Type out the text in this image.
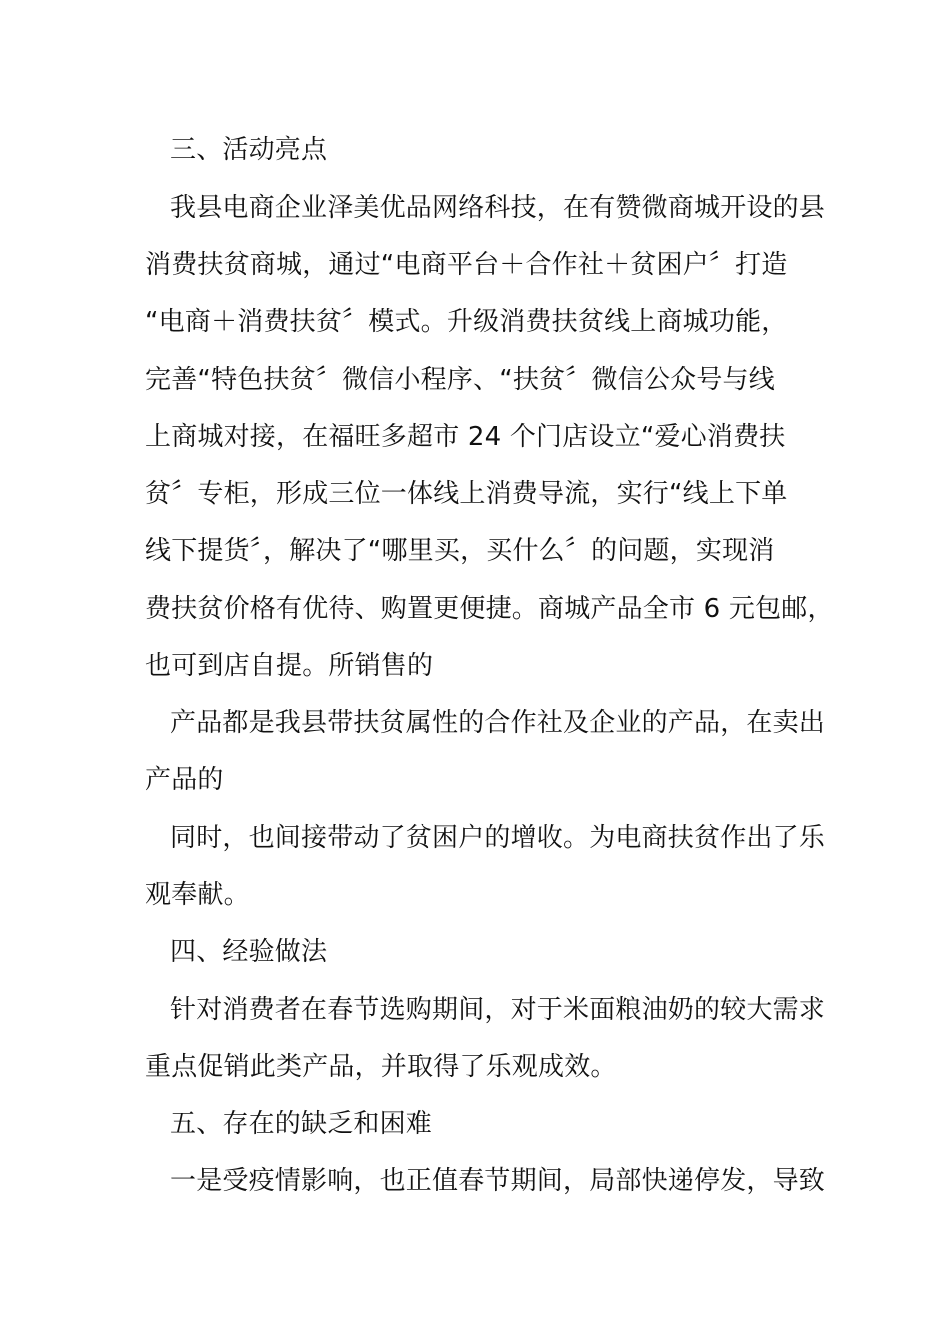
三、活动亮点
我县电商企业泽美优品网络科技，在有赞微商城开设的县
消费扶贫商城，通过“电商平台＋合作社＋贫困户〞打造
“电商＋消费扶贫〞模式。升级消费扶贫线上商城功能，
完善“特色扶贫〞微信小程序、“扶贫〞微信公众号与线
上商城对接，在福旺多超市 24 个门店设立“爱心消费扶
贫〞专柜，形成三位一体线上消费导流，实行“线上下单
线下提货〞，解决了“哪里买，买什么〞的问题，实现消
费扶贫价格有优待、购置更便捷。商城产品全市 6 元包邮，
也可到店自提。所销售的
产品都是我县带扶贫属性的合作社及企业的产品，在卖出
产品的
同时，也间接带动了贫困户的增收。为电商扶贫作出了乐
观奉献。
四、经验做法
针对消费者在春节选购期间，对于米面粮油奶的较大需求
重点促销此类产品，并取得了乐观成效。
五、存在的缺乏和困难
一是受疫情影响，也正值春节期间，局部快递停发，导致
